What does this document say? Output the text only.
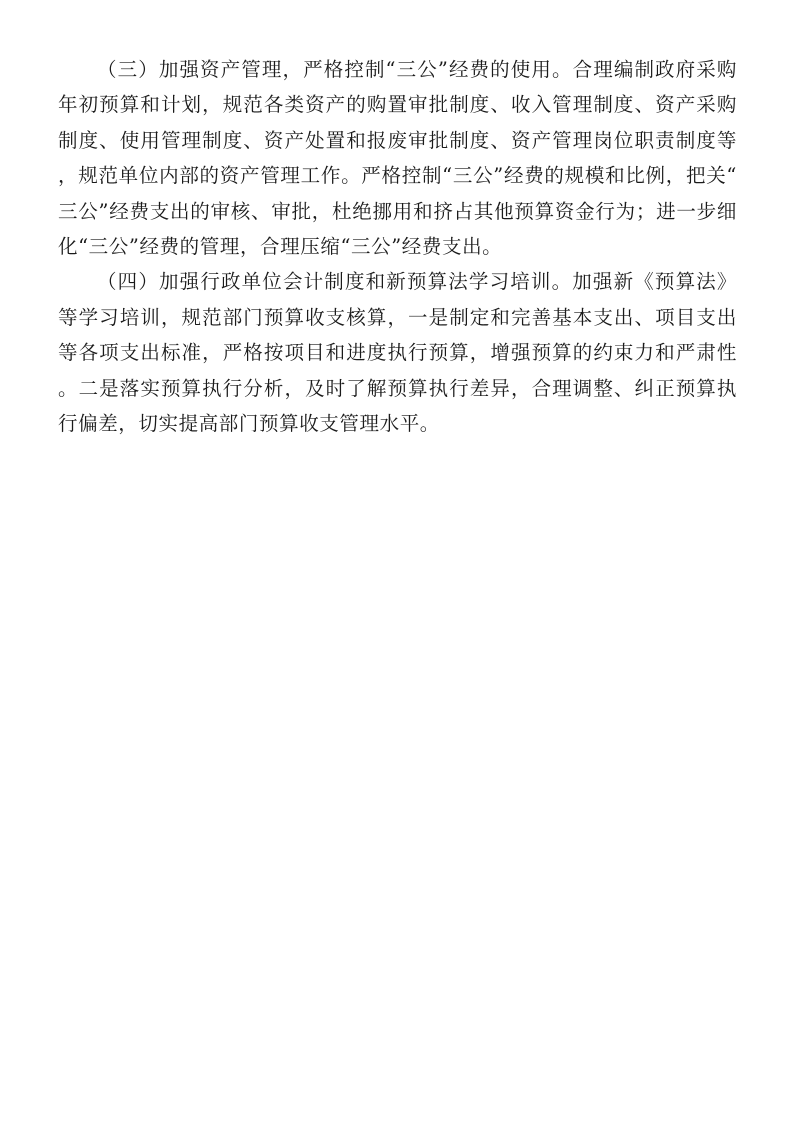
（三）加强资产管理，严格控制“三公”经费的使用。合理编制政府采购年初预算和计划，规范各类资产的购置审批制度、收入管理制度、资产采购制度、使用管理制度、资产处置和报废审批制度、资产管理岗位职责制度等，规范单位内部的资产管理工作。严格控制“三公”经费的规模和比例，把关“三公”经费支出的审核、审批，杜绝挪用和挤占其他预算资金行为；进一步细化“三公”经费的管理，合理压缩“三公”经费支出。

（四）加强行政单位会计制度和新预算法学习培训。加强新《预算法》等学习培训，规范部门预算收支核算，一是制定和完善基本支出、项目支出等各项支出标准，严格按项目和进度执行预算，增强预算的约束力和严肃性。二是落实预算执行分析，及时了解预算执行差异，合理调整、纠正预算执行偏差，切实提高部门预算收支管理水平。
